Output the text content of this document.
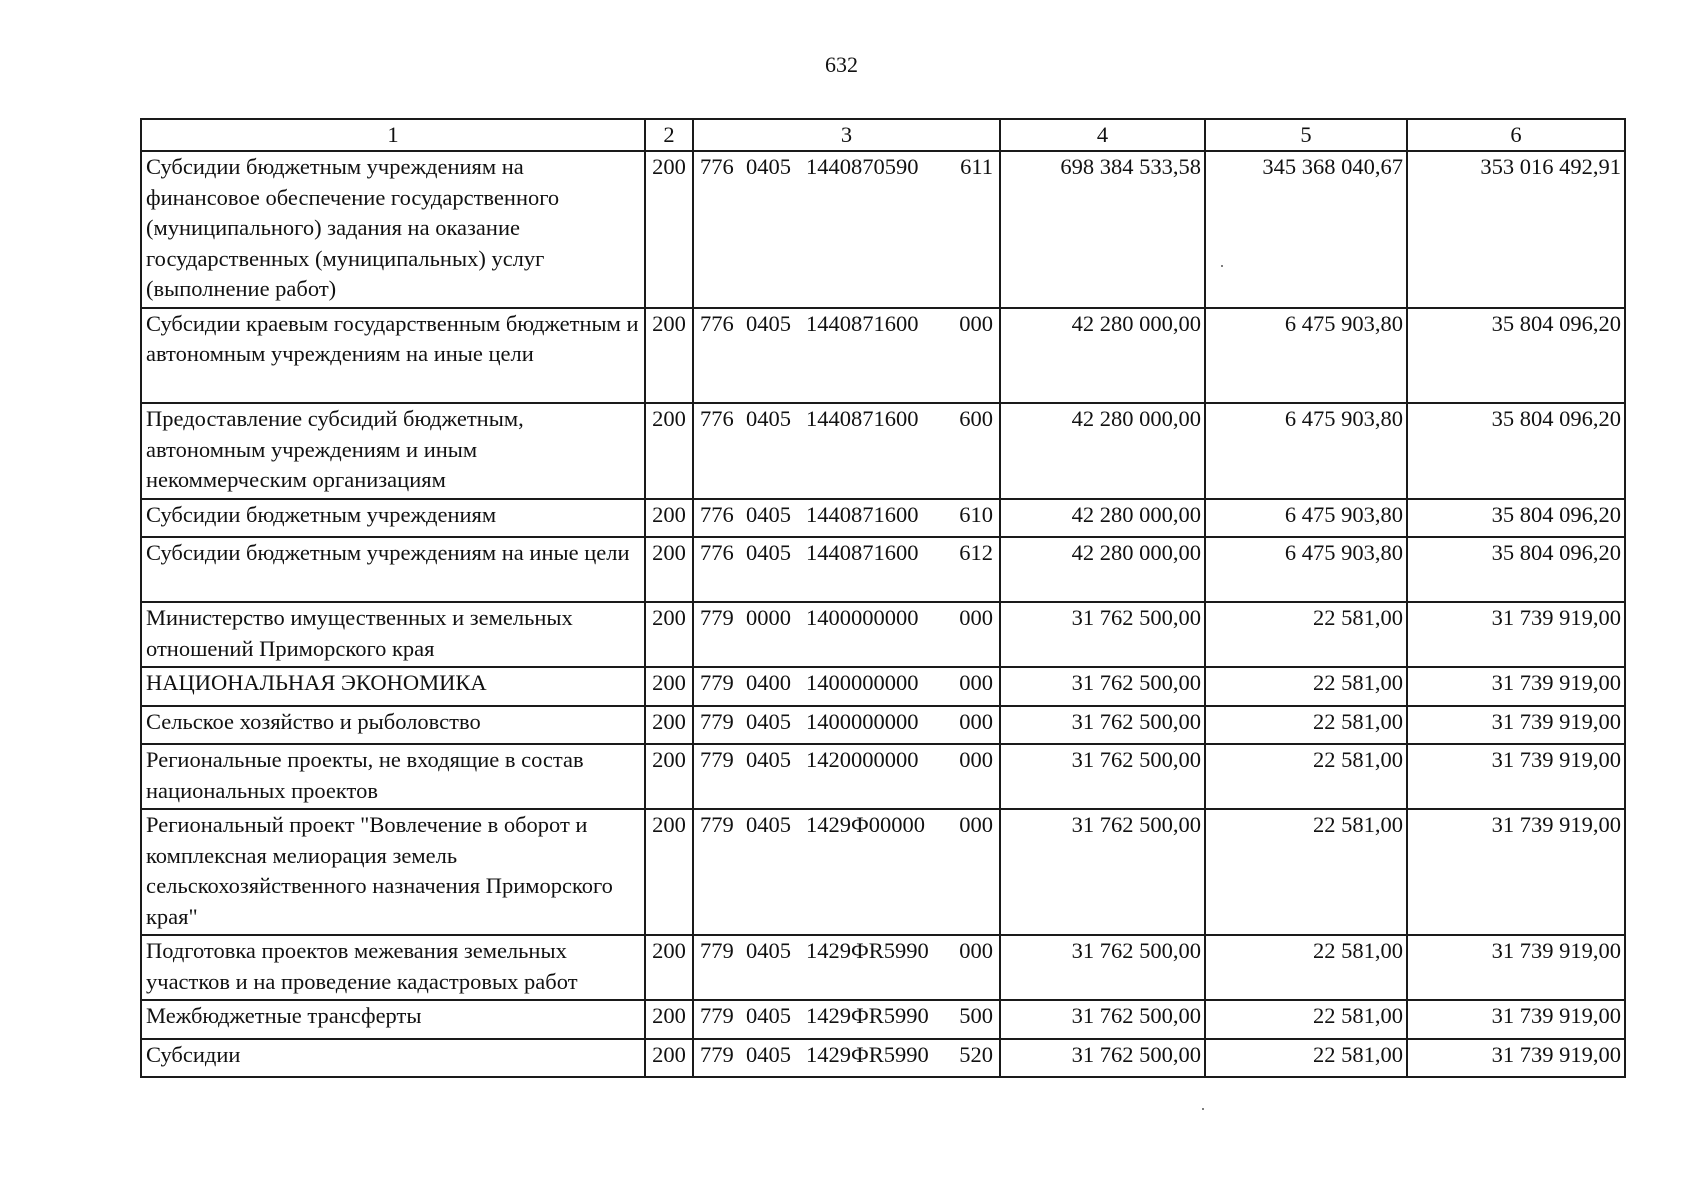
632
1	2	3	4	5	6
Субсидии бюджетным учреждениям на финансовое обеспечение государственного (муниципального) задания на оказание государственных (муниципальных) услуг (выполнение работ)	200	776 0405 1440870590 611	698 384 533,58	345 368 040,67	353 016 492,91
Субсидии краевым государственным бюджетным и автономным учреждениям на иные цели	200	776 0405 1440871600 000	42 280 000,00	6 475 903,80	35 804 096,20
Предоставление субсидий бюджетным, автономным учреждениям и иным некоммерческим организациям	200	776 0405 1440871600 600	42 280 000,00	6 475 903,80	35 804 096,20
Субсидии бюджетным учреждениям	200	776 0405 1440871600 610	42 280 000,00	6 475 903,80	35 804 096,20
Субсидии бюджетным учреждениям на иные цели	200	776 0405 1440871600 612	42 280 000,00	6 475 903,80	35 804 096,20
Министерство имущественных и земельных отношений Приморского края	200	779 0000 1400000000 000	31 762 500,00	22 581,00	31 739 919,00
НАЦИОНАЛЬНАЯ ЭКОНОМИКА	200	779 0400 1400000000 000	31 762 500,00	22 581,00	31 739 919,00
Сельское хозяйство и рыболовство	200	779 0405 1400000000 000	31 762 500,00	22 581,00	31 739 919,00
Региональные проекты, не входящие в состав национальных проектов	200	779 0405 1420000000 000	31 762 500,00	22 581,00	31 739 919,00
Региональный проект "Вовлечение в оборот и комплексная мелиорация земель сельскохозяйственного назначения Приморского края"	200	779 0405 1429Ф00000 000	31 762 500,00	22 581,00	31 739 919,00
Подготовка проектов межевания земельных участков и на проведение кадастровых работ	200	779 0405 1429ФR5990 000	31 762 500,00	22 581,00	31 739 919,00
Межбюджетные трансферты	200	779 0405 1429ФR5990 500	31 762 500,00	22 581,00	31 739 919,00
Субсидии	200	779 0405 1429ФR5990 520	31 762 500,00	22 581,00	31 739 919,00
